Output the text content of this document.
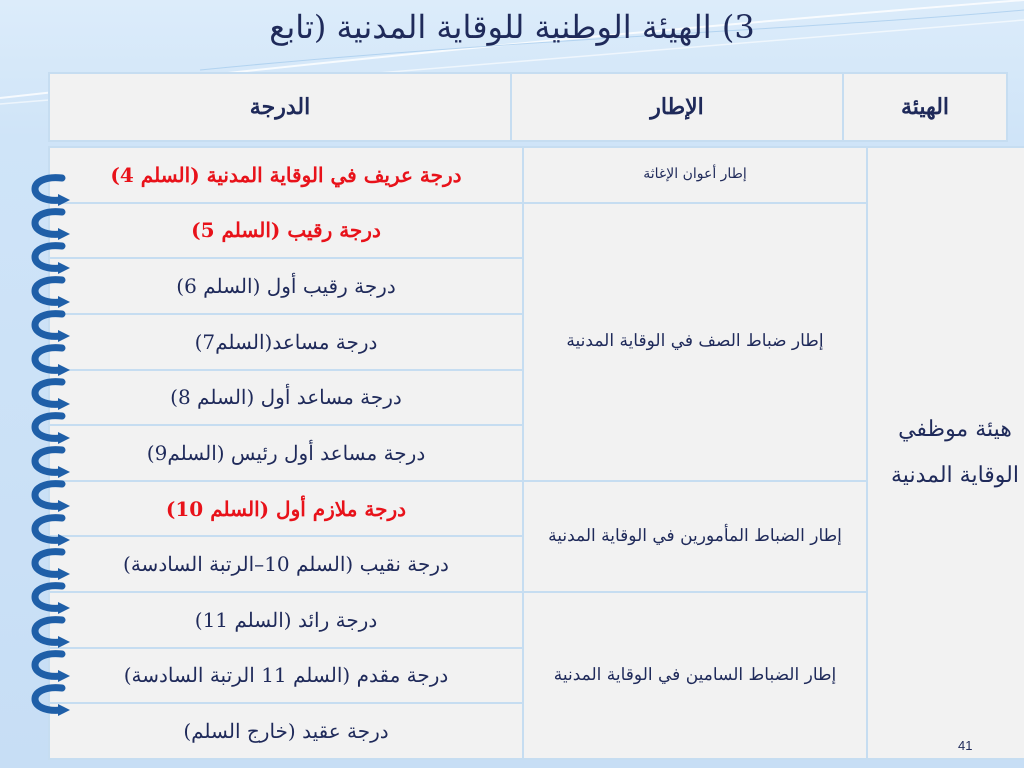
3) الهيئة الوطنية للوقاية المدنية (تابع
الهيئة	الإطار	الدرجة
هيئة موظفي
الوقاية المدنية	إطار أعوان الإغاثة	درجة عريف في الوقاية المدنية (السلم 4)
	إطار ضباط الصف في الوقاية المدنية	درجة رقيب (السلم 5)
		درجة رقيب أول (السلم 6)
		درجة مساعد(السلم7)
		درجة مساعد أول (السلم 8)
		درجة مساعد أول رئيس (السلم9)
	إطار الضباط المأمورين في الوقاية المدنية	درجة ملازم أول (السلم 10)
		درجة نقيب (السلم 10–الرتبة السادسة)
	إطار الضباط السامين في الوقاية المدنية	درجة رائد (السلم 11)
		درجة مقدم (السلم 11 الرتبة السادسة)
		درجة عقيد (خارج السلم)
41
